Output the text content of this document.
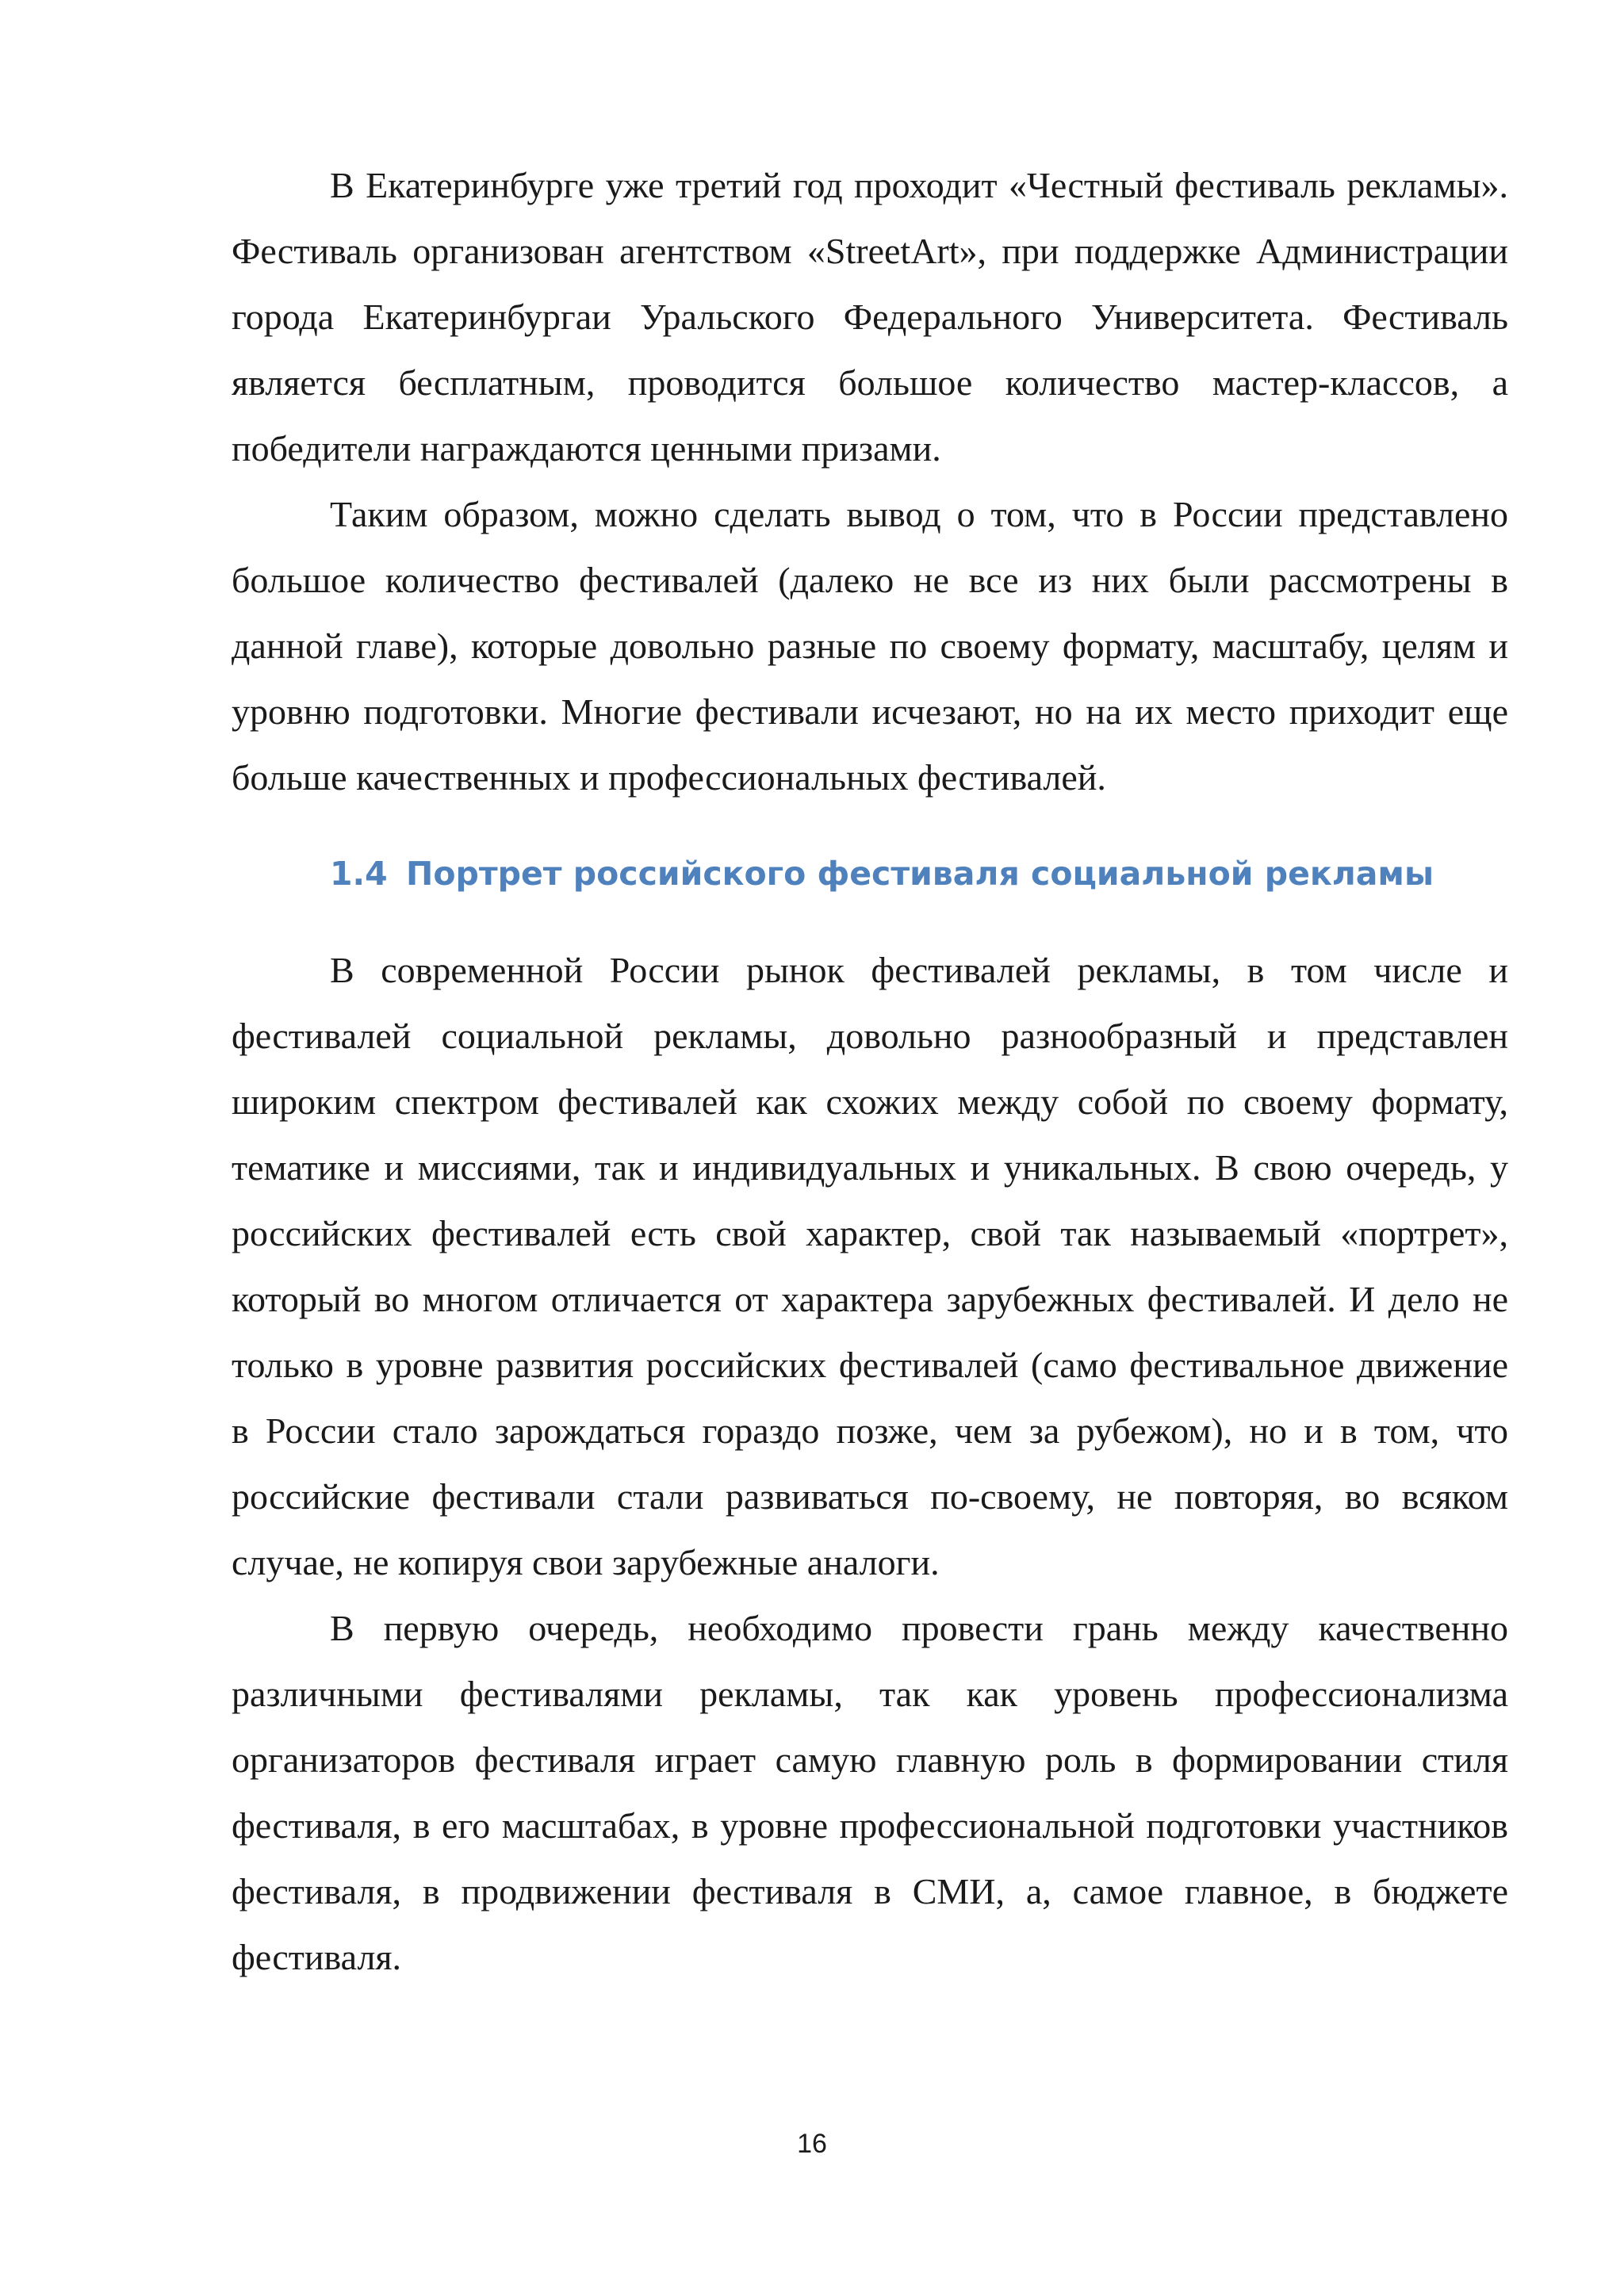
В Екатеринбурге уже третий год проходит «Честный фестиваль рекламы». Фестиваль организован агентством «StreetArt», при поддержке Администрации города Екатеринбургаи Уральского Федерального Университета. Фестиваль является бесплатным, проводится большое количество мастер-классов, а победители награждаются ценными призами.

Таким образом, можно сделать вывод о том, что в России представлено большое количество фестивалей (далеко не все из них были рассмотрены в данной главе), которые довольно разные по своему формату, масштабу, целям и уровню подготовки. Многие фестивали исчезают, но на их место приходит еще больше качественных и профессиональных фестивалей.

1.4 Портрет российского фестиваля социальной рекламы

В современной России рынок фестивалей рекламы, в том числе и фестивалей социальной рекламы, довольно разнообразный и представлен широким спектром фестивалей как схожих между собой по своему формату, тематике и миссиями, так и индивидуальных и уникальных. В свою очередь, у российских фестивалей есть свой характер, свой так называемый «портрет», который во многом отличается от характера зарубежных фестивалей. И дело не только в уровне развития российских фестивалей (само фестивальное движение в России стало зарождаться гораздо позже, чем за рубежом), но и в том, что российские фестивали стали развиваться по-своему, не повторяя, во всяком случае, не копируя свои зарубежные аналоги.

В первую очередь, необходимо провести грань между качественно различными фестивалями рекламы, так как уровень профессионализма организаторов фестиваля играет самую главную роль в формировании стиля фестиваля, в его масштабах, в уровне профессиональной подготовки участников фестиваля, в продвижении фестиваля в СМИ, а, самое главное, в бюджете фестиваля.

16
